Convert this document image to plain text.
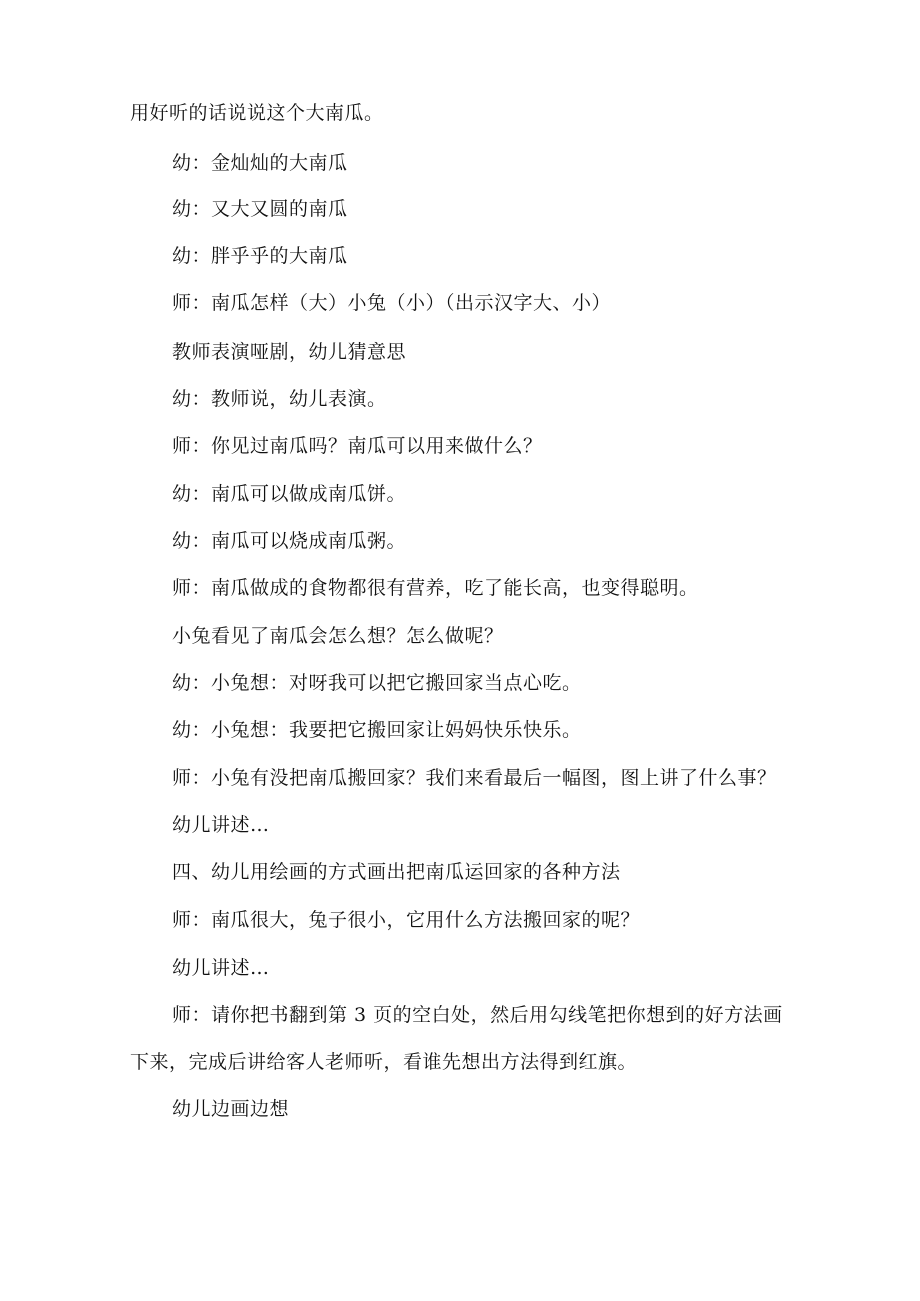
用好听的话说说这个大南瓜。
幼：金灿灿的大南瓜
幼：又大又圆的南瓜
幼：胖乎乎的大南瓜
师：南瓜怎样（大）小兔（小）（出示汉字大、小）
教师表演哑剧，幼儿猜意思
幼：教师说，幼儿表演。
师：你见过南瓜吗？南瓜可以用来做什么？
幼：南瓜可以做成南瓜饼。
幼：南瓜可以烧成南瓜粥。
师：南瓜做成的食物都很有营养，吃了能长高，也变得聪明。
小兔看见了南瓜会怎么想？怎么做呢？
幼：小兔想：对呀我可以把它搬回家当点心吃。
幼：小兔想：我要把它搬回家让妈妈快乐快乐。
师：小兔有没把南瓜搬回家？我们来看最后一幅图，图上讲了什么事？
幼儿讲述…
四、幼儿用绘画的方式画出把南瓜运回家的各种方法
师：南瓜很大，兔子很小，它用什么方法搬回家的呢？
幼儿讲述…
师：请你把书翻到第 3 页的空白处，然后用勾线笔把你想到的好方法画
下来，完成后讲给客人老师听，看谁先想出方法得到红旗。
幼儿边画边想
